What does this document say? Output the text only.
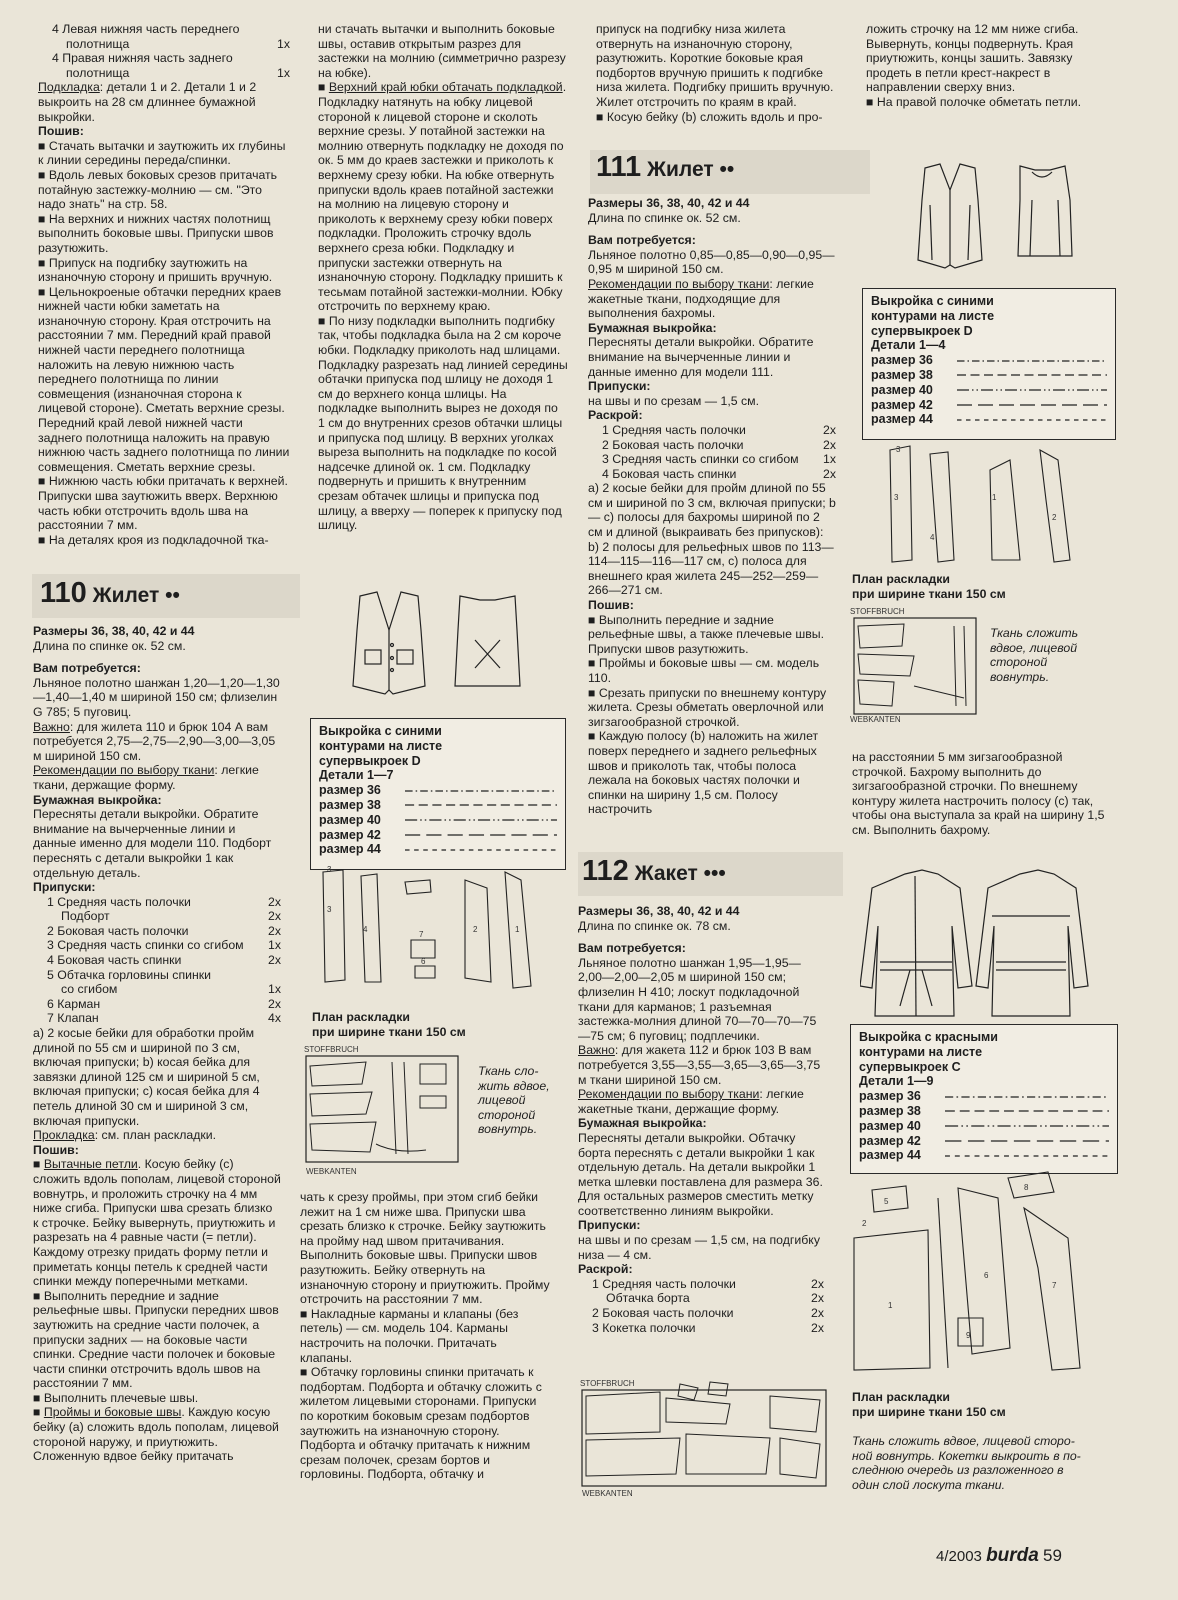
4 Левая нижняя часть переднего
полотнища	1х
4 Правая нижняя часть заднего
полотнища	1х

Подкладка: детали 1 и 2. Детали 1 и 2 выкроить на 28 см длиннее бумажной выкройки.

Пошив:

■ Стачать вытачки и заутюжить их глубины к линии середины переда/спинки.

■ Вдоль левых боковых срезов притачать потайную застежку-молнию — см. "Это надо знать" на стр. 58.

■ На верхних и нижних частях полотнищ выполнить боковые швы. Припуски швов разутюжить.

■ Припуск на подгибку заутюжить на изнаночную сторону и пришить вручную.

■ Цельнокроеные обтачки передних краев нижней части юбки заметать на изнаночную сторону. Края отстрочить на расстоянии 7 мм. Передний край правой нижней части переднего полотнища наложить на левую нижнюю часть переднего полотнища по линии совмещения (изнаночная сторона к лицевой стороне). Сметать верхние срезы. Передний край левой нижней части заднего полотнища наложить на правую нижнюю часть заднего полотнища по линии совмещения. Сметать верхние срезы.

■ Нижнюю часть юбки притачать к верхней. Припуски шва заутюжить вверх. Верхнюю часть юбки отстрочить вдоль шва на расстоянии 7 мм.

■ На деталях кроя из подкладочной тка-

ни стачать вытачки и выполнить боковые швы, оставив открытым разрез для застежки на молнию (симметрично разрезу на юбке).

■ Верхний край юбки обтачать подкладкой. Подкладку натянуть на юбку лицевой стороной к лицевой стороне и сколоть верхние срезы. У потайной застежки на молнию отвернуть подкладку не доходя по ок. 5 мм до краев застежки и приколоть к верхнему срезу юбки. На юбке отвернуть припуски вдоль краев потайной застежки на молнию на лицевую сторону и приколоть к верхнему срезу юбки поверх подкладки. Проложить строчку вдоль верхнего среза юбки. Подкладку и припуски застежки отвернуть на изнаночную сторону. Подкладку пришить к тесьмам потайной застежки-молнии. Юбку отстрочить по верхнему краю.

■ По низу подкладки выполнить подгибку так, чтобы подкладка была на 2 см короче юбки. Подкладку приколоть над шлицами. Подкладку разрезать над линией середины обтачки припуска под шлицу не доходя 1 см до верхнего конца шлицы. На подкладке выполнить вырез не доходя по 1 см до внутренних срезов обтачки шлицы и припуска под шлицу. В верхних уголках выреза выполнить на подкладке по косой надсечке длиной ок. 1 см. Подкладку подвернуть и пришить к внутренним срезам обтачек шлицы и припуска под шлицу, а вверху — поперек к припуску под шлицу.

припуск на подгибку низа жилета отвернуть на изнаночную сторону, разутюжить. Короткие боковые края подбортов вручную пришить к подгибке низа жилета. Подгибку пришить вручную. Жилет отстрочить по краям в край.

■ Косую бейку (b) сложить вдоль и про-

ложить строчку на 12 мм ниже сгиба. Вывернуть, концы подвернуть. Края приутюжить, концы зашить. Завязку продеть в петли крест-накрест в направлении сверху вниз.

■ На правой полочке обметать петли.

111 Жилет ••

Размеры 36, 38, 40, 42 и 44

Длина по спинке ок. 52 см.

Вам потребуется:

Льняное полотно 0,85—0,85—0,90—0,95—0,95 м шириной 150 см.

Рекомендации по выбору ткани: легкие жакетные ткани, подходящие для выполнения бахромы.

Бумажная выкройка:

Пересняты детали выкройки. Обратите внимание на вычерченные линии и данные именно для модели 111.

Припуски:

на швы и по срезам — 1,5 см.

Раскрой:

1 Средняя часть полочки	2х
2 Боковая часть полочки	2х
3 Средняя часть спинки со сгибом	1х
4 Боковая часть спинки	2х

а) 2 косые бейки для пройм длиной по 55 см и шириной по 3 см, включая припуски; b — с) полосы для бахромы шириной по 2 см и длиной (выкраивать без припусков): b) 2 полосы для рельефных швов по 113—114—115—116—117 см, с) полоса для внешнего края жилета 245—252—259—266—271 см.

Пошив:

■ Выполнить передние и задние рельефные швы, а также плечевые швы. Припуски швов разутюжить.

■ Проймы и боковые швы — см. модель 110.

■ Срезать припуски по внешнему контуру жилета. Срезы обметать оверлочной или зигзагообразной строчкой.

■ Каждую полосу (b) наложить на жилет поверх переднего и заднего рельефных швов и приколоть так, чтобы полоса лежала на боковых частях полочки и спинки на ширину 1,5 см. Полосу настрочить

Выкройка с синими
контурами на листе
супервыкроек D
Детали 1—4
размер 36
размер 38
размер 40
размер 42
размер 44
3
3
4
1
2
План раскладки
при ширине ткани 150 см
STOFFBRUCH
WEBKANTEN
Ткань сложить
вдвое, лицевой
стороной
вовнутрь.

на расстоянии 5 мм зигзагообразной строчкой. Бахрому выполнить до зигзагообразной строчки. По внешнему контуру жилета настрочить полосу (с) так, чтобы она выступала за край на ширину 1,5 см. Выполнить бахрому.

110 Жилет ••

Размеры 36, 38, 40, 42 и 44

Длина по спинке ок. 52 см.

Вам потребуется:

Льняное полотно шанжан 1,20—1,20—1,30—1,40—1,40 м шириной 150 см; флизелин G 785; 5 пуговиц.

Важно: для жилета 110 и брюк 104 А вам потребуется 2,75—2,75—2,90—3,00—3,05 м шириной 150 см.

Рекомендации по выбору ткани: легкие ткани, держащие форму.

Бумажная выкройка:

Пересняты детали выкройки. Обратите внимание на вычерченные линии и данные именно для модели 110. Подборт переснять с детали выкройки 1 как отдельную деталь.

Припуски:

1 Средняя часть полочки	2х
Подборт	2х
2 Боковая часть полочки	2х
3 Средняя часть спинки со сгибом	1х
4 Боковая часть спинки	2х
5 Обтачка горловины спинки
со сгибом	1х
6 Карман	2х
7 Клапан	4х

а) 2 косые бейки для обработки пройм длиной по 55 см и шириной по 3 см, включая припуски; b) косая бейка для завязки длиной 125 см и шириной 5 см, включая припуски; с) косая бейка для 4 петель длиной 30 см и шириной 3 см, включая припуски.

Прокладка: см. план раскладки.

Пошив:

■ Вытачные петли. Косую бейку (с) сложить вдоль пополам, лицевой стороной вовнутрь, и проложить строчку на 4 мм ниже сгиба. Припуски шва срезать близко к строчке. Бейку вывернуть, приутюжить и разрезать на 4 равные части (= петли). Каждому отрезку придать форму петли и приметать концы петель к средней части спинки между поперечными метками.

■ Выполнить передние и задние рельефные швы. Припуски передних швов заутюжить на средние части полочек, а припуски задних — на боковые части спинки. Средние части полочек и боковые части спинки отстрочить вдоль швов на расстоянии 7 мм.

■ Выполнить плечевые швы.

■ Проймы и боковые швы. Каждую косую бейку (а) сложить вдоль пополам, лицевой стороной наружу, и приутюжить. Сложенную вдвое бейку притачать

Выкройка с синими
контурами на листе
супервыкроек D
Детали 1—7
размер 36
размер 38
размер 40
размер 42
размер 44
3
3
4
7
6
2	1
План раскладки
при ширине ткани 150 см
STOFFBRUCH
WEBKANTEN
Ткань сло-
жить вдвое,
лицевой
стороной
вовнутрь.

чать к срезу проймы, при этом сгиб бейки лежит на 1 см ниже шва. Припуски шва срезать близко к строчке. Бейку заутюжить на пройму над швом притачивания. Выполнить боковые швы. Припуски швов разутюжить. Бейку отвернуть на изнаночную сторону и приутюжить. Пройму отстрочить на расстоянии 7 мм.

■ Накладные карманы и клапаны (без петель) — см. модель 104. Карманы настрочить на полочки. Притачать клапаны.

■ Обтачку горловины спинки притачать к подбортам. Подборта и обтачку сложить с жилетом лицевыми сторонами. Припуски по коротким боковым срезам подбортов заутюжить на изнаночную сторону. Подборта и обтачку притачать к нижним срезам полочек, срезам бортов и горловины. Подборта, обтачку и

112 Жакет •••

Размеры 36, 38, 40, 42 и 44

Длина по спинке ок. 78 см.

Вам потребуется:

Льняное полотно шанжан 1,95—1,95—2,00—2,00—2,05 м шириной 150 см; флизелин Н 410; лоскут подкладочной ткани для карманов; 1 разъемная застежка-молния длиной 70—70—70—75—75 см; 6 пуговиц; подплечики.

Важно: для жакета 112 и брюк 103 В вам потребуется 3,55—3,55—3,65—3,65—3,75 м ткани шириной 150 см.

Рекомендации по выбору ткани: легкие жакетные ткани, держащие форму.

Бумажная выкройка:

Пересняты детали выкройки. Обтачку борта переснять с детали выкройки 1 как отдельную деталь. На детали выкройки 1 метка шлевки поставлена для размера 36. Для остальных размеров сместить метку соответственно линиям выкройки.

Припуски:

на швы и по срезам — 1,5 см, на подгибку низа — 4 см.

Раскрой:

1 Средняя часть полочки	2х
Обтачка борта	2х
2 Боковая часть полочки	2х
3 Кокетка полочки	2х
Выкройка с красными
контурами на листе
супервыкроек C
Детали 1—9
размер 36
размер 38
размер 40
размер 42
размер 44
5
2
1
6
8
7
9
План раскладки
при ширине ткани 150 см
Ткань сложить вдвое, лицевой сторо-
ной вовнутрь. Кокетки выкроить в по-
следнюю очередь из разложенного в
один слой лоскута ткани.
STOFFBRUCH
WEBKANTEN
4/2003 burda 59
